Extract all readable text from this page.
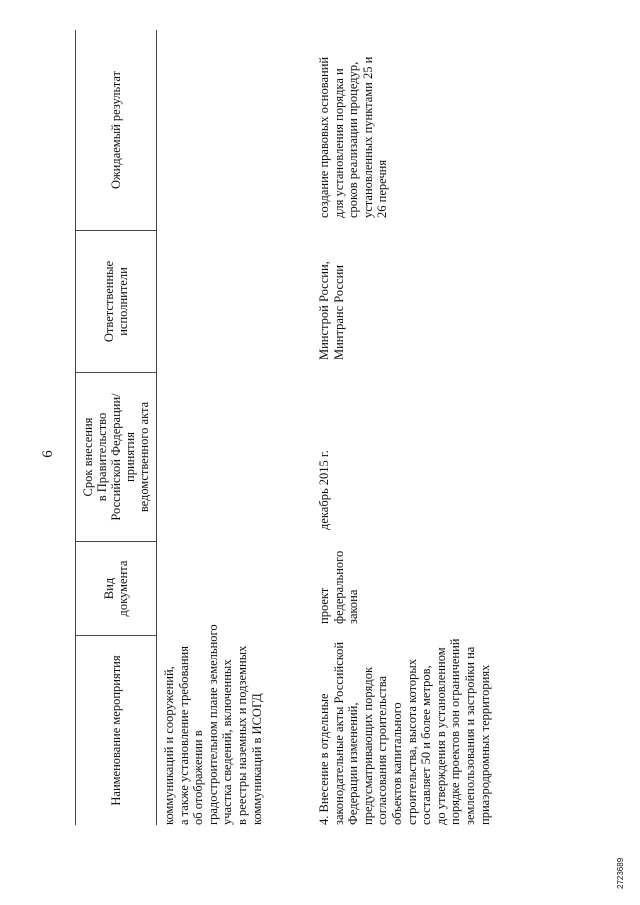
6
Наименование мероприятия
Вид документа
Срок внесения в Правительство Российской Федерации/ принятия ведомственного акта
Ответственные исполнители
Ожидаемый результат
коммуникаций и сооружений, а также установление требования об отображении в градостроительном плане земельного участка сведений, включенных в реестры наземных и подземных коммуникаций в ИСОГД	4. Внесение в отдельные законодательные акты Российской Федерации изменений, предусматривающих порядок согласования строительства объектов капитального строительства, высота которых составляет 50 и более метров, до утверждения в установленном порядке проектов зон ограничений землепользования и застройки на приаэродромных территориях
проект федерального закона
декабрь 2015 г.
Минстрой России, Минтранс России
создание правовых оснований для установления порядка и сроков реализации процедур, установленных пунктами 25 и 26 перечня
2723689
